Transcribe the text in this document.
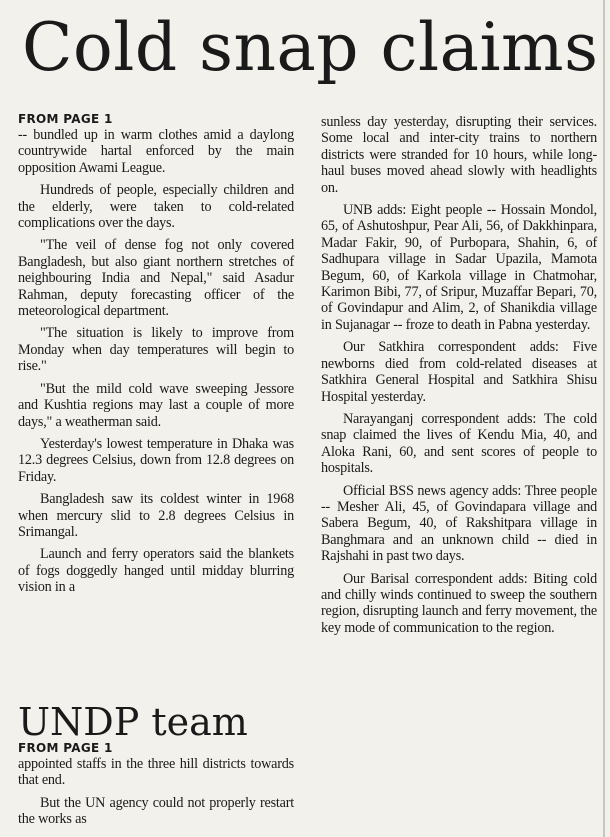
Cold snap claims
FROM PAGE 1

-- bundled up in warm clothes amid a daylong countrywide hartal enforced by the main opposition Awami League.

Hundreds of people, especially children and the elderly, were taken to cold-related complications over the days.

"The veil of dense fog not only covered Bangladesh, but also giant northern stretches of neighbouring India and Nepal," said Asadur Rahman, deputy forecasting officer of the meteorological department.

"The situation is likely to improve from Monday when day temperatures will begin to rise."

"But the mild cold wave sweeping Jessore and Kushtia regions may last a couple of more days," a weatherman said.

Yesterday's lowest temperature in Dhaka was 12.3 degrees Celsius, down from 12.8 degrees on Friday.

Bangladesh saw its coldest winter in 1968 when mercury slid to 2.8 degrees Celsius in Srimangal.

Launch and ferry operators said the blankets of fogs doggedly hanged until midday blurring vision in a

sunless day yesterday, disrupting their services. Some local and inter-city trains to northern districts were stranded for 10 hours, while long-haul buses moved ahead slowly with headlights on.

UNB adds: Eight people -- Hossain Mondol, 65, of Ashutoshpur, Pear Ali, 56, of Dakkhinpara, Madar Fakir, 90, of Purbopara, Shahin, 6, of Sadhupara village in Sadar Upazila, Mamota Begum, 60, of Karkola village in Chatmohar, Karimon Bibi, 77, of Sripur, Muzaffar Bepari, 70, of Govindapur and Alim, 2, of Shanikdia village in Sujanagar -- froze to death in Pabna yesterday.

Our Satkhira correspondent adds: Five newborns died from cold-related diseases at Satkhira General Hospital and Satkhira Shisu Hospital yesterday.

Narayanganj correspondent adds: The cold snap claimed the lives of Kendu Mia, 40, and Aloka Rani, 60, and sent scores of people to hospitals.

Official BSS news agency adds: Three people -- Mesher Ali, 45, of Govindapara village and Sabera Begum, 40, of Rakshitpara village in Banghmara and an unknown child -- died in Rajshahi in past two days.

Our Barisal correspondent adds: Biting cold and chilly winds continued to sweep the southern region, disrupting launch and ferry movement, the key mode of communication to the region.

UNDP team
FROM PAGE 1

appointed staffs in the three hill districts towards that end.

But the UN agency could not properly restart the works as
